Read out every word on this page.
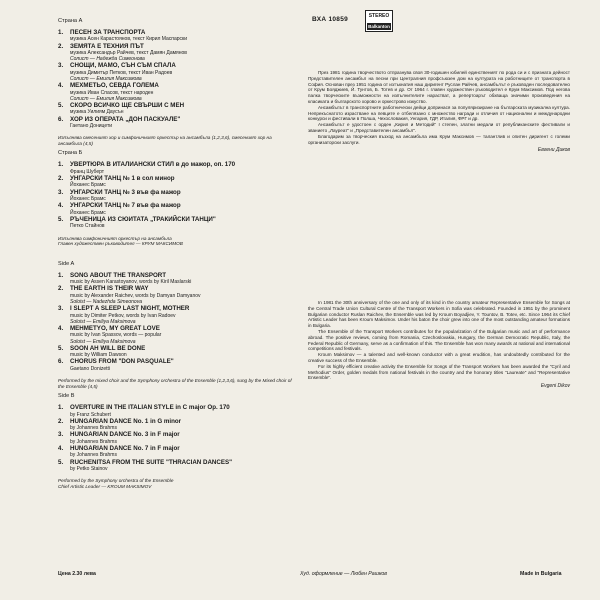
Страна А
1.	ПЕСЕН ЗА ТРАНСПОРТА
музика Асен Карастоянов, текст Кирил Маспарски
2.	ЗЕМЯТА Е ТЕХНИЯ ПЪТ
музика Александър Райчев, текст Дамян Дамянов
Солист — Надежда Симеонова
3.	СНОЩИ, МАМО, СЪН СЪМ СПАЛА
музика Димитър Петков, текст Иван Радоев
Солист — Емилия Максимова
4.	МЕХМЕТЬО, СЕВДА ГОЛЕМА
музика Иван Спасов, текст народен
Солист — Емилия Максимова
5.	СКОРО ВСИЧКО ЩЕ СВЪРШИ С МЕН
музика Уилиям Даусън
6.	ХОР ИЗ ОПЕРАТА „ДОН ПАСКУАЛЕ"
Гаетано Доницети
Изпълнява смесеният хор и симфоничният оркестър на ансамбъла (1,2,3,6), смесеният хор на ансамбъла (4,5)
Страна Б
1.	УВЕРТЮРА В ИТАЛИАНСКИ СТИЛ в до мажор, оп. 170
Франц Шуберт
2.	УНГАРСКИ ТАНЦ № 1 в сол минор
Йоханес Брамс
3.	УНГАРСКИ ТАНЦ № 3 във фа мажор
Йоханес Брамс
4.	УНГАРСКИ ТАНЦ № 7 във фа мажор
Йоханес Брамс
5.	РЪЧЕНИЦА ИЗ СЮИТАТА „ТРАКИЙСКИ ТАНЦИ"
Петко Стайнов
Изпълнява симфоничният оркестър на ансамбъла
Главен художествен ръководител — КРУМ МАКСИМОВ
Side A
1.	SONG ABOUT THE TRANSPORT
music by Assen Karastoyanov, words by Kiril Maslarski
2.	THE EARTH IS THEIR WAY
music by Alexander Raichev, words by Damyan Damyanov
Soloist — Nadezhda Simeonova
3.	I SLEPT A SLEEP LAST NIGHT, MOTHER
music by Dimiter Petkov, words by Ivan Radoev
Soloist — Emiliya Maksimova
4.	MEHMETYO, MY GREAT LOVE
music by Ivan Spassov, words — popular
Soloist — Emiliya Maksimova
5.	SOON AH WILL BE DONE
music by William Dawson
6.	CHORUS FROM "DON PASQUALE"
Gaetano Donizetti
Performed by the mixed choir and the Symphony orchestra of the Ensemble (1,2,3,6), sung by the Mixed choir of the Ensemble (4,5)
Side B
1.	OVERTURE IN THE ITALIAN STYLE in C major Op. 170
by Franz Schubert
2.	HUNGARIAN DANCE No. 1 in G minor
by Johannes Brahms
3.	HUNGARIAN DANCE No. 3 in F major
by Johannes Brahms
4.	HUNGARIAN DANCE No. 7 in F major
by Johannes Brahms
5.	RUCHENITSA FROM THE SUITE "THRACIAN DANCES"
by Petko Stainov
Performed by the Symphony orchestra of the Ensemble
Chief Artistic Leader — KROUM MAKSIMOV
ВХА 10859	STEREO
Balkanton

През 1981 година творчеството отпразнува своя 30-годишен юбилей единственият по рода си и с призната дейност Представителен ансамбъл на песни при Централния профсъюзен дом на културата на работниците от транспорта в София. Основан през 1951 година от изтъкнатия наш диригент Руслан Райчев, ансамбълът е ръководен последователно от Крум Бояджиев, Й. Тунтов, Б. Тотев и др. От 1964 г. главен художествен ръководител е Крум Максимов. Под негова палка творческите възможности на изпълнителите нарастват, а репертоарът обхваща значими произведения на класиката и българското хорово и оркестрово изкуство.

Ансамбълът в транспортните работнически дейци допринася за популяризиране на българската музикална култура. Непрекъснатото израстване на певците е отбелязано с множество награди и отличия от национални и международни конкурси и фестивали в Полша, Чехословакия, Унгария, ГДР, Италия, ФРГ и др.

Ансамбълът е удостоен с орден „Кирил и Методий" I степен, златни медали от републиканските фестивали и званието „Лауреат" и „Представителен ансамбъл".

Благодарим за творческия възход на ансамбъла има Крум Максимов — талантлив и опитен диригент с големи организаторски заслуги.

Евгени Диков

In 1981 the 30th anniversary of the one and only of its kind in the country amateur Representative Ensemble for Songs at the Central Trade Union Cultural Centre of the Transport Workers in Sofia was celebrated. Founded in 1951 by the prominent Bulgarian conductor Ruslan Raichev, the Ensemble was led by Kroum Boyadjiev, Y. Tountov, B. Totev, etc. Since 1964 its Chief Artistic Leader has been Kroum Maksimov. Under his baton the choir grew into one of the most outstanding amateur formations in Bulgaria.

The Ensemble of the Transport Workers contributes for the popularization of the Bulgarian music and art of performance abroad. The positive reviews, coming from Romania, Czechoslovakia, Hungary, the German Democratic Republic, Italy, the Federal Republic of Germany, serve as a confirmation of this. The Ensemble has won many awards at national and international competitions and festivals.

Kroum Maksimov — a talented and well-known conductor with a great erudition, has undoubtedly contributed for the creative success of the Ensemble.

For its highly efficient creative activity the Ensemble for Songs of the Transport Workers has been awarded the "Cyril and Methodius" Order, golden medals from national festivals in the country and the honorary titles "Laureate" and "Representative Ensemble".

Evgeni Dikov
Цена 2.30 лева	Худ. оформление — Любен Рашков	Made in Bulgaria
